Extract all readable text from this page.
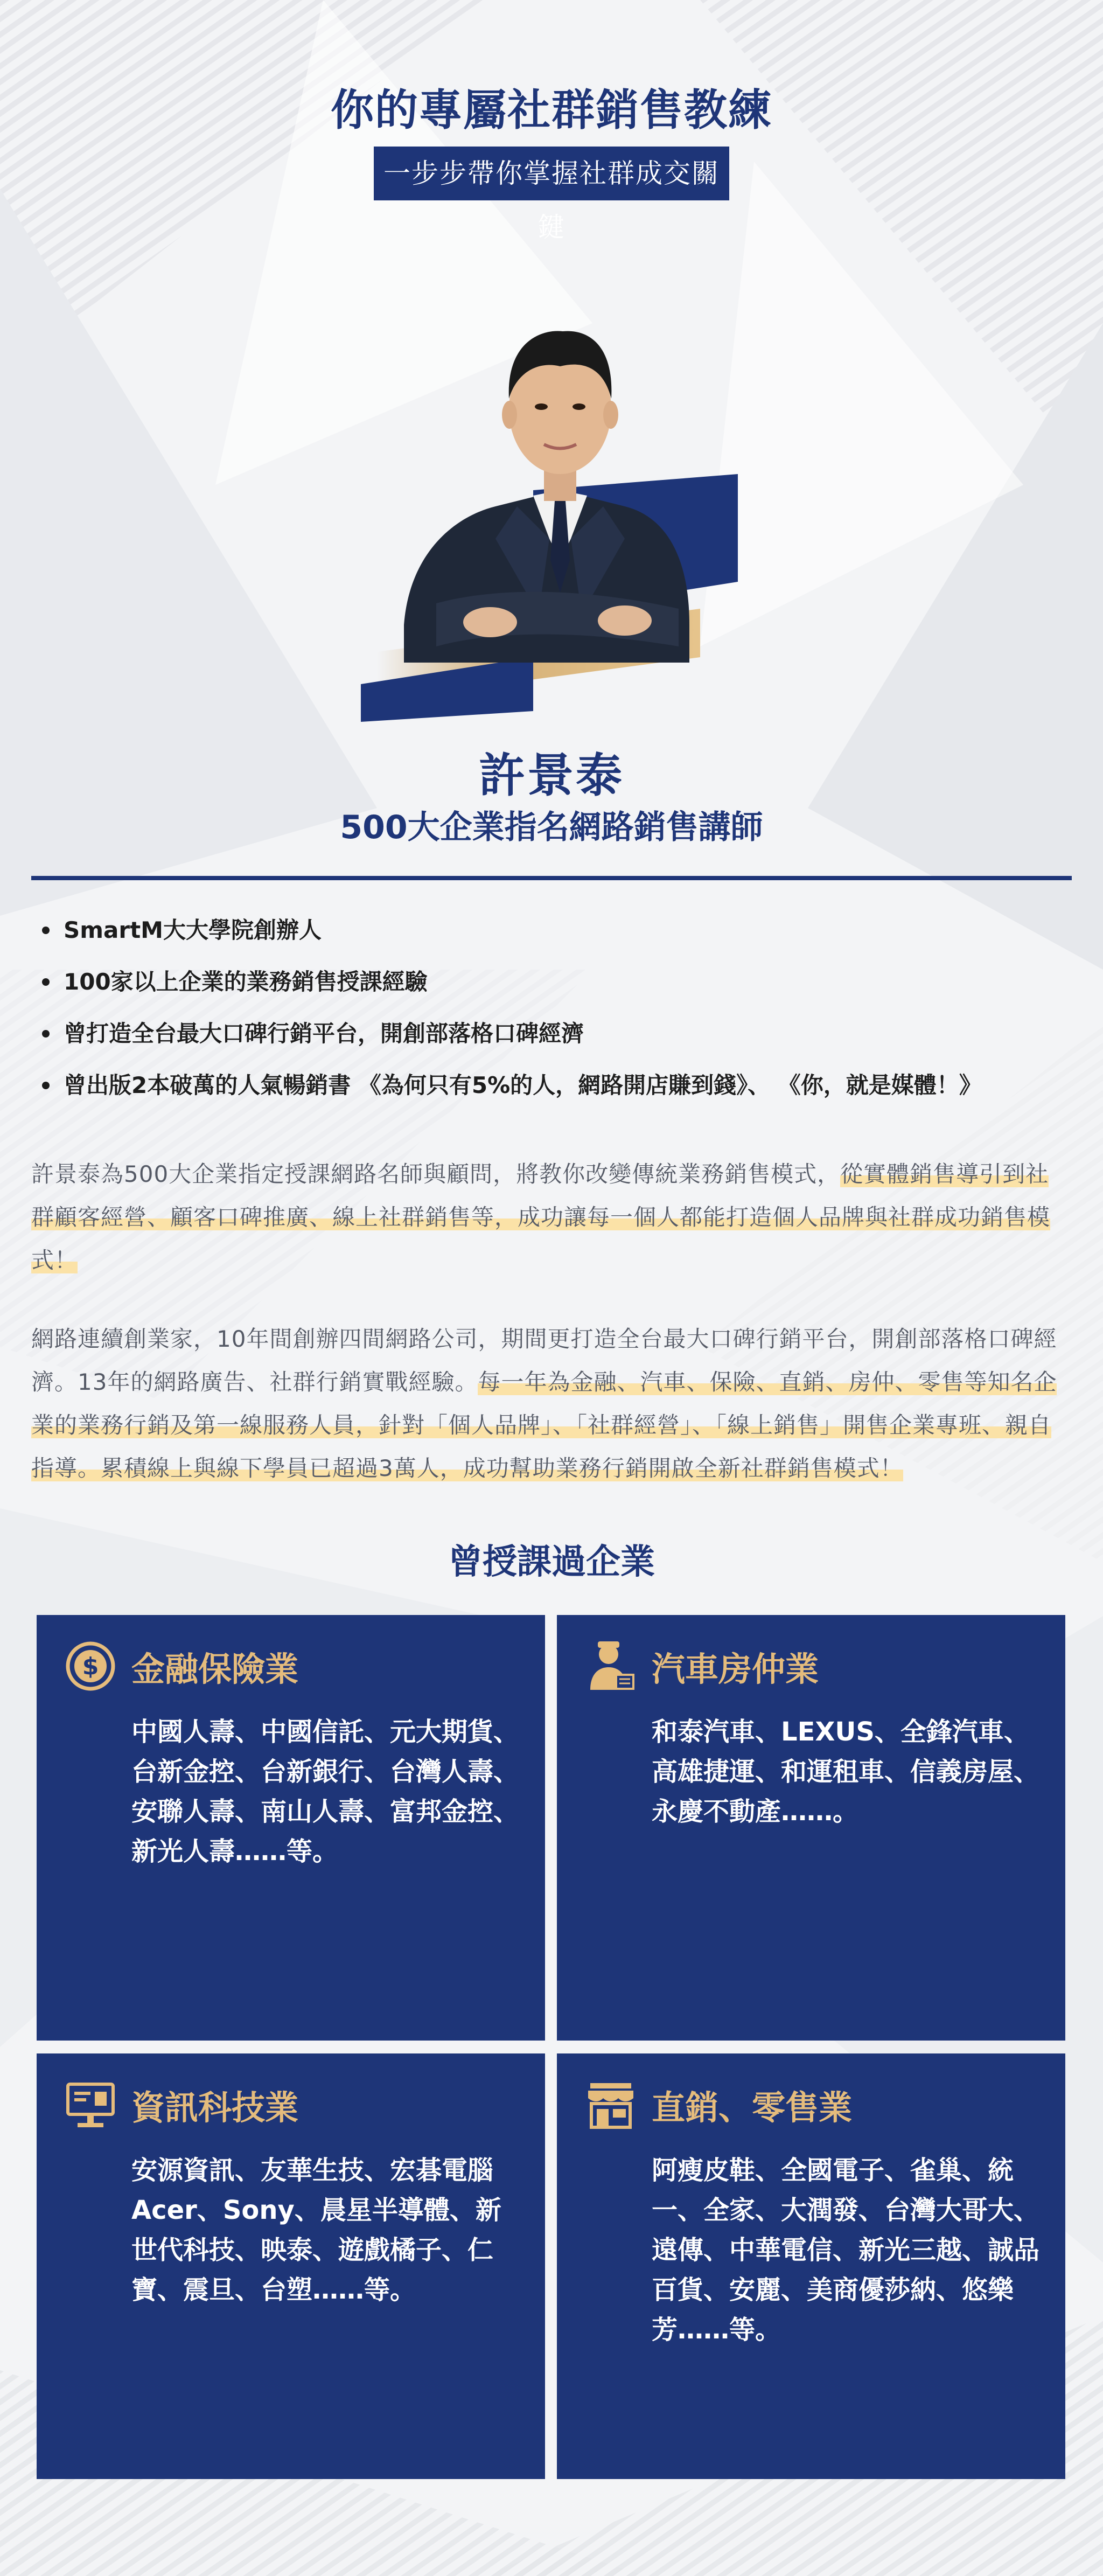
你的專屬社群銷售教練
一步步帶你掌握社群成交關鍵
許景泰
500大企業指名網路銷售講師
SmartM大大學院創辦人
100家以上企業的業務銷售授課經驗
曾打造全台最大口碑行銷平台，開創部落格口碑經濟
曾出版2本破萬的人氣暢銷書 《為何只有5%的人，網路開店賺到錢》、 《你，就是媒體！》
許景泰為500大企業指定授課網路名師與顧問，將教你改變傳統業務銷售模式，從實體銷售導引到社群顧客經營、顧客口碑推廣、線上社群銷售等，成功讓每一個人都能打造個人品牌與社群成功銷售模式！
網路連續創業家，10年間創辦四間網路公司，期間更打造全台最大口碑行銷平台，開創部落格口碑經濟。13年的網路廣告、社群行銷實戰經驗。每一年為金融、汽車、保險、直銷、房仲、零售等知名企業的業務行銷及第一線服務人員，針對「個人品牌」、「社群經營」、「線上銷售」開售企業專班、親自指導。累積線上與線下學員已超過3萬人，成功幫助業務行銷開啟全新社群銷售模式！
曾授課過企業
$ 金融保險業
中國人壽、中國信託、元大期貨、台新金控、台新銀行、台灣人壽、安聯人壽、南山人壽、富邦金控、新光人壽……等。
汽車房仲業
和泰汽車、LEXUS、全鋒汽車、高雄捷運、和運租車、信義房屋、永慶不動產……。
資訊科技業
安源資訊、友華生技、宏碁電腦Acer、Sony、晨星半導體、新世代科技、映泰、遊戲橘子、仁寶、震旦、台塑……等。
直銷、零售業
阿瘦皮鞋、全國電子、雀巢、統一、全家、大潤發、台灣大哥大、遠傳、中華電信、新光三越、誠品百貨、安麗、美商優莎納、悠樂芳……等。
